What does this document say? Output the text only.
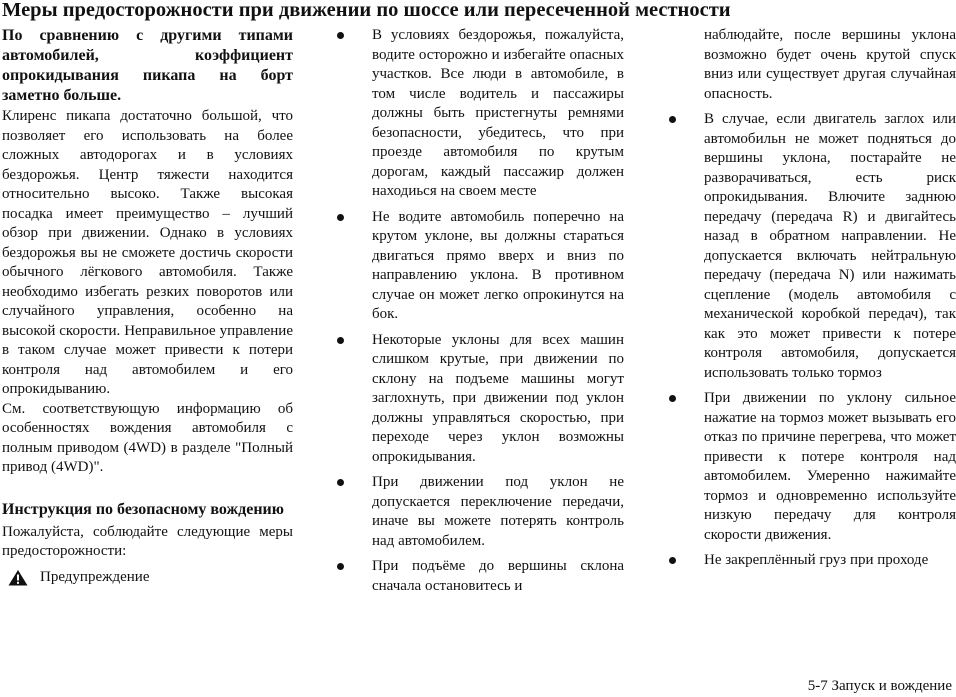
Меры предосторожности при движении по шоссе или пересеченной местности

По сравнению с другими типами автомобилей, коэффициент опрокидывания пикапа на борт заметно больше.

Клиренс пикапа достаточно большой, что позволяет его использовать на более сложных автодорогах и в условиях бездорожья. Центр тяжести находится относительно высоко. Также высокая посадка имеет преимущество – лучший обзор при движении. Однако в условиях бездорожья вы не сможете достичь скорости обычного лёгкового автомобиля. Также необходимо избегать резких поворотов или случайного управления, особенно на высокой скорости. Неправильное управление в таком случае может привести к потери контроля над автомобилем и его опрокидыванию.

См. соответствующую информацию об особенностях вождения автомобиля с полным приводом (4WD) в разделе "Полный привод (4WD)".

Инструкция по безопасному вождению

Пожалуйста, соблюдайте следующие меры предосторожности:

Предупреждение
В условиях бездорожья, пожалуйста, водите осторожно и избегайте опасных участков. Все люди в автомобиле, в том числе водитель и пассажиры должны быть пристегнуты ремнями безопасности, убедитесь, что при проезде автомобиля по крутым дорогам, каждый пассажир должен находиься на своем месте
Не водите автомобиль поперечно на крутом уклоне, вы должны стараться двигаться прямо вверх и вниз по направлению уклона. В противном случае он может легко опрокинутся на бок.
Некоторые уклоны для всех машин слишком крутые, при движении по склону на подъеме машины могут заглохнуть, при движении под уклон должны управляться скоростью, при переходе через уклон возможны опрокидывания.
При движении под уклон не допускается переключение передачи, иначе вы можете потерять контроль над автомобилем.
При подъёме до вершины склона сначала остановитесь и
наблюдайте, после вершины уклона возможно будет очень крутой спуск вниз или существует другая случайная опасность.
В случае, если двигатель заглох или автомобильн не может подняться до вершины уклона, постарайте не разворачиваться, есть риск опрокидывания. Влючите заднюю передачу (передача R) и двигайтесь назад в обратном направлении. Не допускается включать нейтральную передачу (передача N) или нажимать сцепление (модель автомобиля с механической коробкой передач), так как это может привести к потере контроля автомобиля, допускается использовать только тормоз
При движении по уклону сильное нажатие на тормоз может вызывать его отказ по причине перегрева, что может привести к потере контроля над автомобилем. Умеренно нажимайте тормоз и одновременно используйте низкую передачу для контроля скорости движения.
Не закреплённый груз при проходе
5-7 Запуск и вождение
